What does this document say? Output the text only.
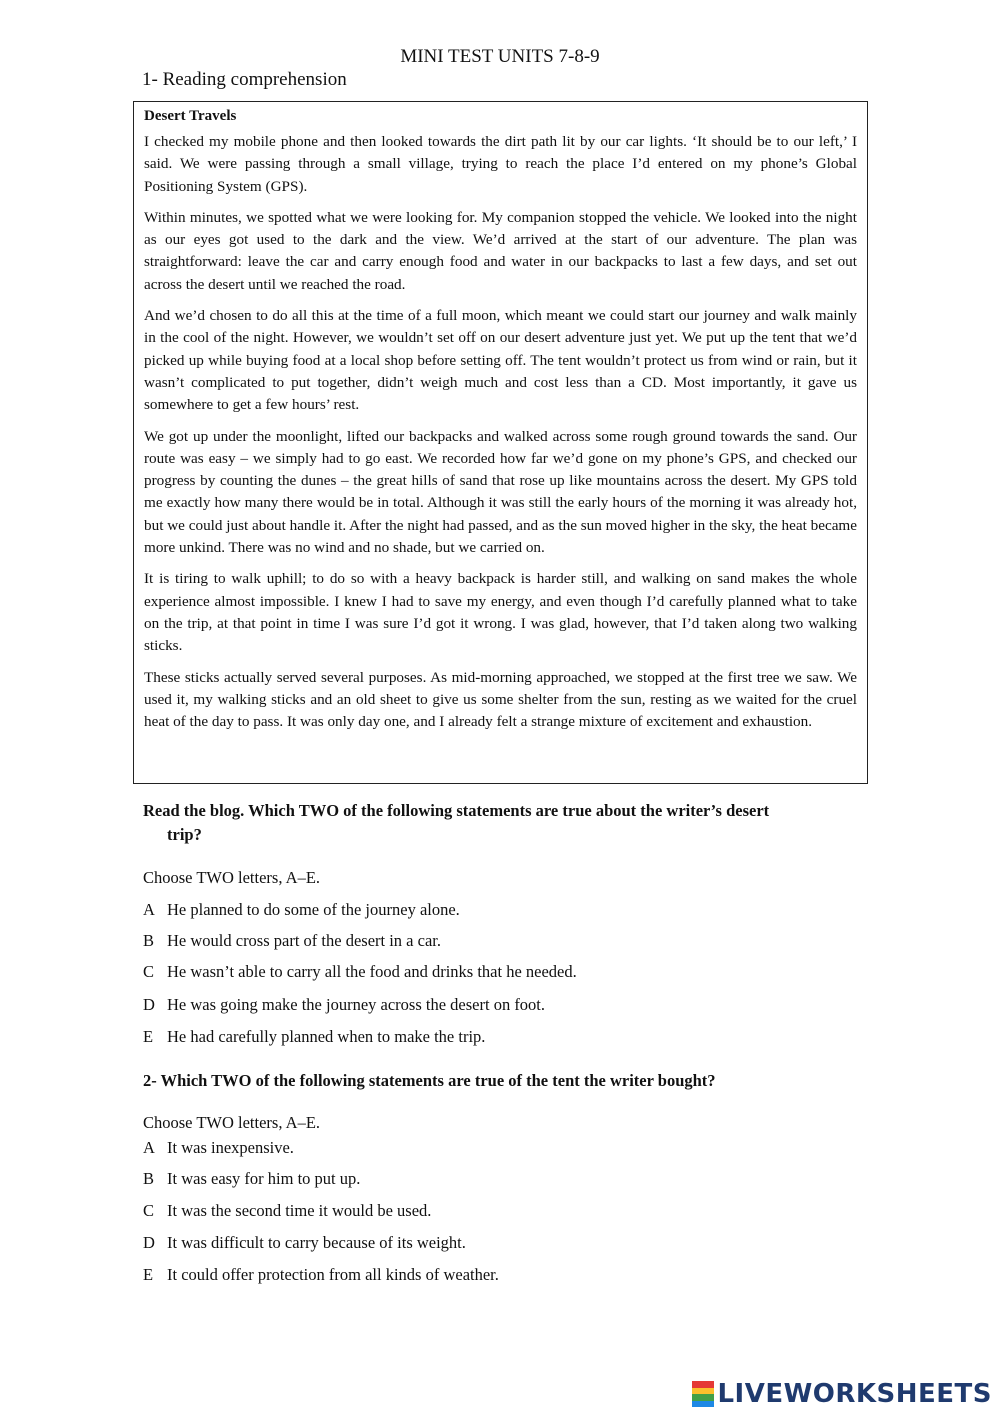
MINI TEST UNITS 7-8-9
1- Reading comprehension
Desert Travels

I checked my mobile phone and then looked towards the dirt path lit by our car lights. ‘It should be to our left,’ I said. We were passing through a small village, trying to reach the place I’d entered on my phone’s Global Positioning System (GPS).

Within minutes, we spotted what we were looking for. My companion stopped the vehicle. We looked into the night as our eyes got used to the dark and the view. We’d arrived at the start of our adventure. The plan was straightforward: leave the car and carry enough food and water in our backpacks to last a few days, and set out across the desert until we reached the road.

And we’d chosen to do all this at the time of a full moon, which meant we could start our journey and walk mainly in the cool of the night. However, we wouldn’t set off on our desert adventure just yet. We put up the tent that we’d picked up while buying food at a local shop before setting off. The tent wouldn’t protect us from wind or rain, but it wasn’t complicated to put together, didn’t weigh much and cost less than a CD. Most importantly, it gave us somewhere to get a few hours’ rest.

We got up under the moonlight, lifted our backpacks and walked across some rough ground towards the sand. Our route was easy – we simply had to go east. We recorded how far we’d gone on my phone’s GPS, and checked our progress by counting the dunes – the great hills of sand that rose up like mountains across the desert. My GPS told me exactly how many there would be in total. Although it was still the early hours of the morning it was already hot, but we could just about handle it. After the night had passed, and as the sun moved higher in the sky, the heat became more unkind. There was no wind and no shade, but we carried on.

It is tiring to walk uphill; to do so with a heavy backpack is harder still, and walking on sand makes the whole experience almost impossible. I knew I had to save my energy, and even though I’d carefully planned what to take on the trip, at that point in time I was sure I’d got it wrong. I was glad, however, that I’d taken along two walking sticks.

These sticks actually served several purposes. As mid-morning approached, we stopped at the first tree we saw. We used it, my walking sticks and an old sheet to give us some shelter from the sun, resting as we waited for the cruel heat of the day to pass. It was only day one, and I already felt a strange mixture of excitement and exhaustion.

Read the blog. Which TWO of the following statements are true about the writer’s desert
trip?
Choose TWO letters, A–E.
A He planned to do some of the journey alone.
B He would cross part of the desert in a car.
C He wasn’t able to carry all the food and drinks that he needed.
D He was going make the journey across the desert on foot.
E He had carefully planned when to make the trip.
2- Which TWO of the following statements are true of the tent the writer bought?
Choose TWO letters, A–E.
A It was inexpensive.
B It was easy for him to put up.
C It was the second time it would be used.
D It was difficult to carry because of its weight.
E It could offer protection from all kinds of weather.
LIVEWORKSHEETS
